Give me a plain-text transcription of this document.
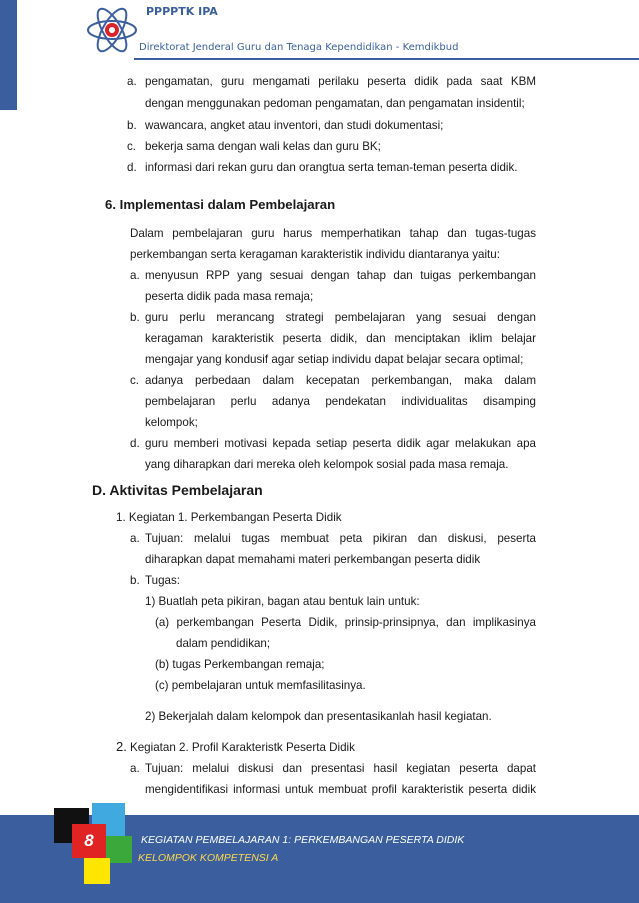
PPPPTK IPA
Direktorat Jenderal Guru dan Tenaga Kependidikan - Kemdikbud
a. pengamatan, guru mengamati perilaku peserta didik pada saat KBM
dengan menggunakan pedoman pengamatan, dan pengamatan insidentil;
b. wawancara, angket atau inventori, dan studi dokumentasi;
c. bekerja sama dengan wali kelas dan guru BK;
d. informasi dari rekan guru dan orangtua serta teman-teman peserta didik.
6. Implementasi dalam Pembelajaran
Dalam pembelajaran guru harus memperhatikan tahap dan tugas-tugas
perkembangan serta keragaman karakteristik individu diantaranya yaitu:
a. menyusun RPP yang sesuai dengan tahap dan tuigas perkembangan
peserta didik pada masa remaja;
b. guru perlu merancang strategi pembelajaran yang sesuai dengan
keragaman karakteristik peserta didik, dan menciptakan iklim belajar
mengajar yang kondusif agar setiap individu dapat belajar secara optimal;
c. adanya perbedaan dalam kecepatan perkembangan, maka dalam
pembelajaran perlu adanya pendekatan individualitas disamping
kelompok;
d. guru memberi motivasi kepada setiap peserta didik agar melakukan apa
yang diharapkan dari mereka oleh kelompok sosial pada masa remaja.
D. Aktivitas Pembelajaran
1. Kegiatan 1. Perkembangan Peserta Didik
a. Tujuan: melalui tugas membuat peta pikiran dan diskusi, peserta
diharapkan dapat memahami materi perkembangan peserta didik
b. Tugas:
1) Buatlah peta pikiran, bagan atau bentuk lain untuk:
(a) perkembangan Peserta Didik, prinsip-prinsipnya, dan implikasinya
dalam pendidikan;
(b) tugas Perkembangan remaja;
(c) pembelajaran untuk memfasilitasinya.
2) Bekerjalah dalam kelompok dan presentasikanlah hasil kegiatan.
2. Kegiatan 2. Profil Karakteristk Peserta Didik
a. Tujuan: melalui diskusi dan presentasi hasil kegiatan peserta dapat
mengidentifikasi informasi untuk membuat profil karakteristik peserta didik
8	KEGIATAN PEMBELAJARAN 1: PERKEMBANGAN PESERTA DIDIK
KELOMPOK KOMPETENSI A
